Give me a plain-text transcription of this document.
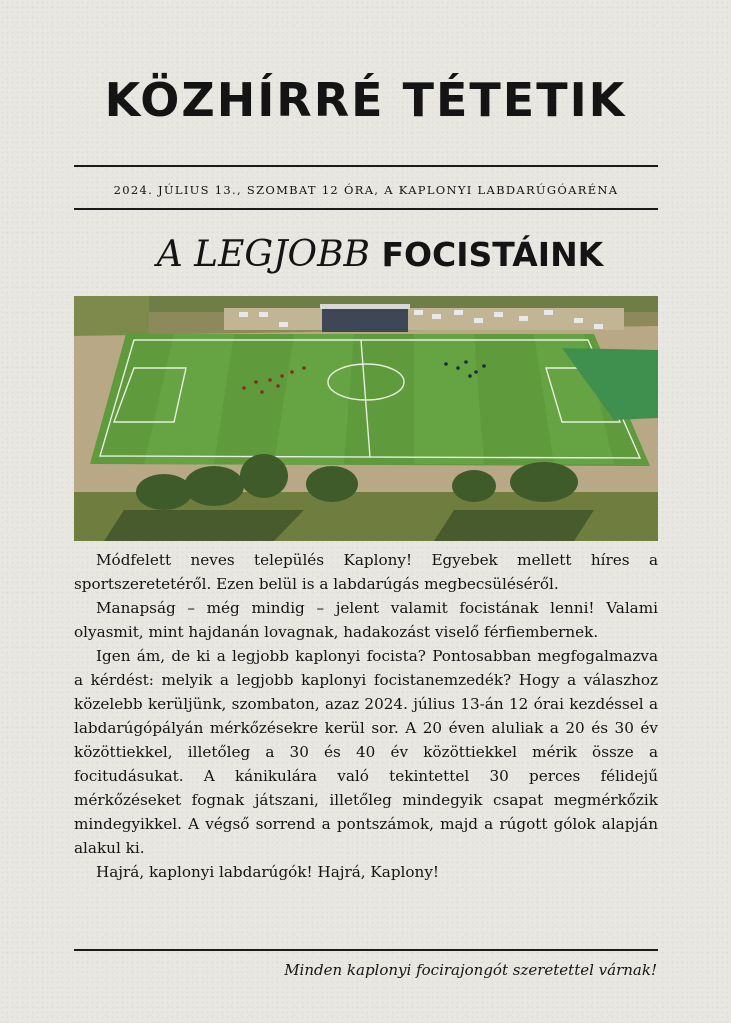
KÖZHÍRRÉ TÉTETIK
2024. JÚLIUS 13., SZOMBAT 12 ÓRA, A KAPLONYI LABDARÚGÓARÉNA
A LEGJOBB FOCISTÁINK

Módfelett neves település Kaplony! Egyebek mellett híres a sportszeretetéről. Ezen belül is a labdarúgás megbecsüléséről.

Manapság – még mindig – jelent valamit focistának lenni! Valami olyasmit, mint hajdanán lovagnak, hadakozást viselő férfiembernek.

Igen ám, de ki a legjobb kaplonyi focista? Pontosabban megfogalmazva a kérdést: melyik a legjobb kaplonyi focistanemzedék? Hogy a válaszhoz közelebb kerüljünk, szombaton, azaz 2024. július 13-án 12 órai kezdéssel a labdarúgópályán mérkőzésekre kerül sor. A 20 éven aluliak a 20 és 30 év közöttiekkel, illetőleg a 30 és 40 év közöttiekkel mérik össze a focitudásukat. A kánikulára való tekintettel 30 perces félidejű mérkőzéseket fognak játszani, illetőleg mindegyik csapat megmérkőzik mindegyikkel. A végső sorrend a pontszámok, majd a rúgott gólok alapján alakul ki.

Hajrá, kaplonyi labdarúgók! Hajrá, Kaplony!

Minden kaplonyi focirajongót szeretettel várnak!
